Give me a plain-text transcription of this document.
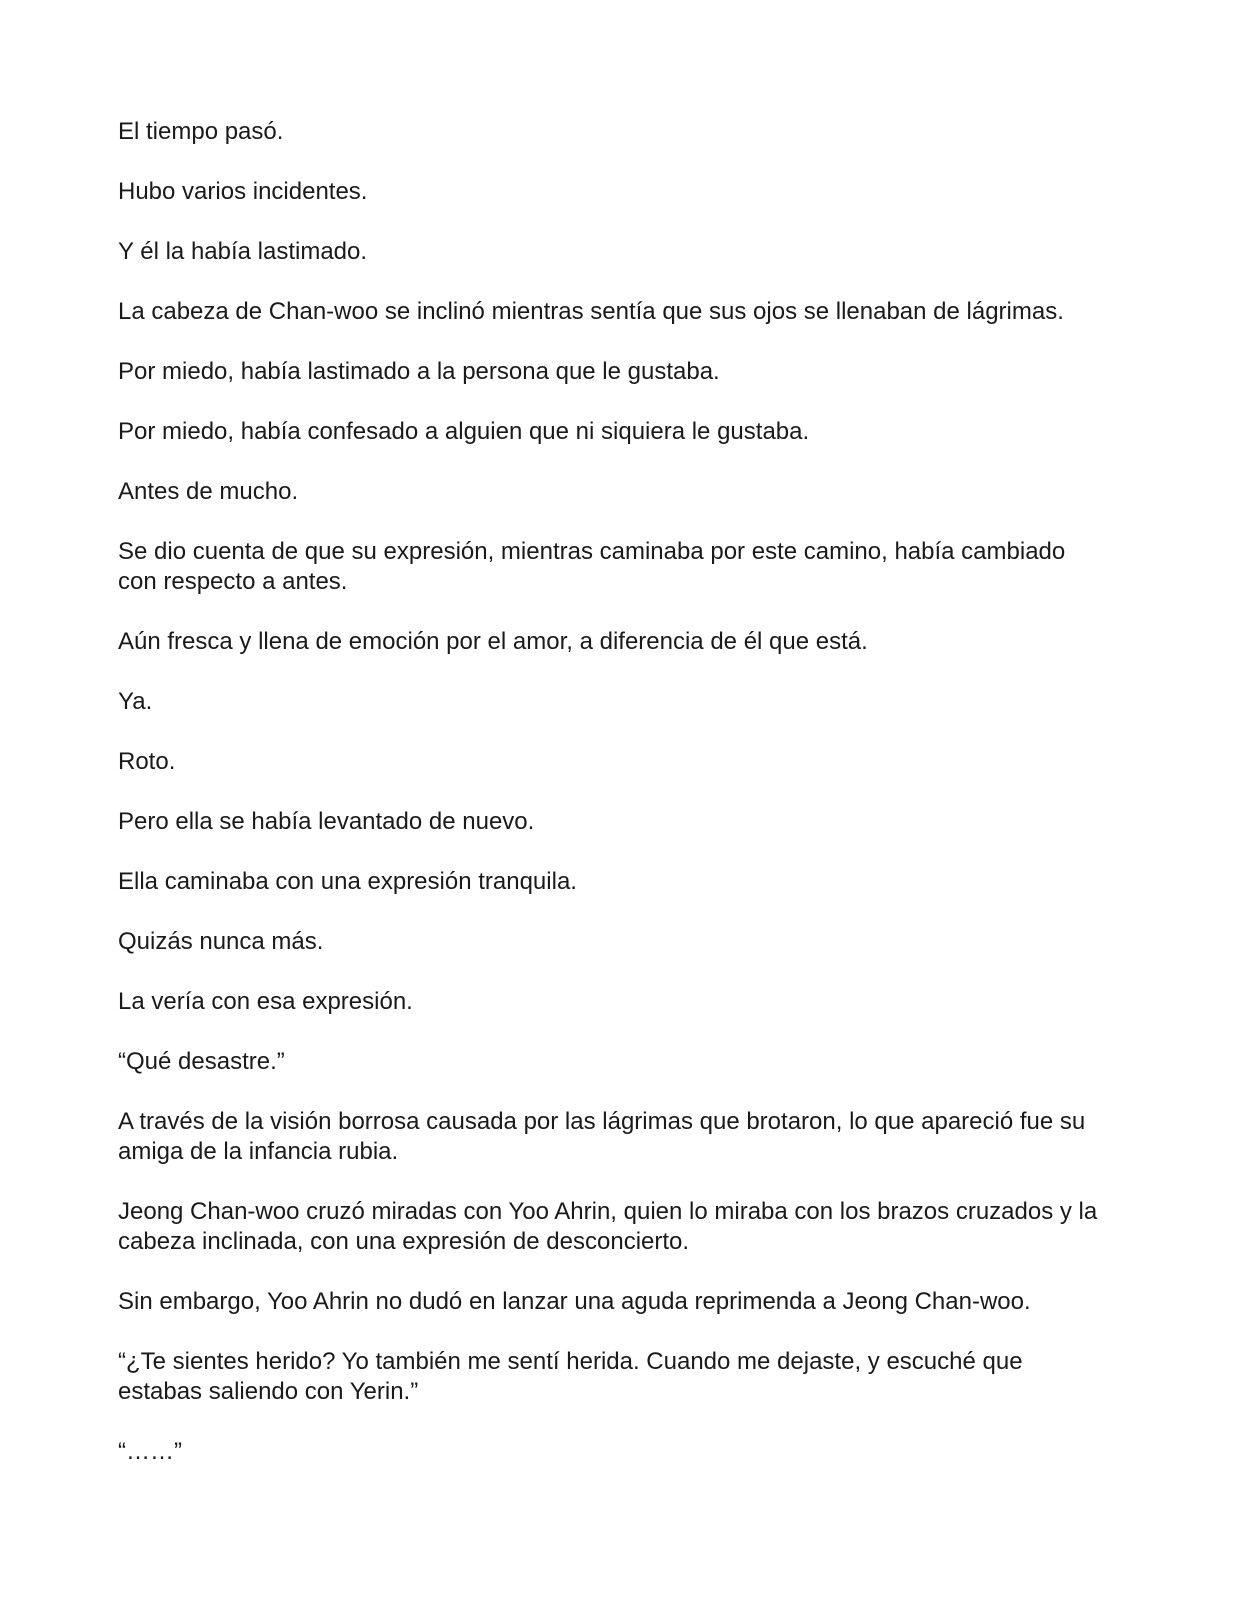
El tiempo pasó.

Hubo varios incidentes.

Y él la había lastimado.

La cabeza de Chan-woo se inclinó mientras sentía que sus ojos se llenaban de lágrimas.

Por miedo, había lastimado a la persona que le gustaba.

Por miedo, había confesado a alguien que ni siquiera le gustaba.

Antes de mucho.

Se dio cuenta de que su expresión, mientras caminaba por este camino, había cambiado con respecto a antes.

Aún fresca y llena de emoción por el amor, a diferencia de él que está.

Ya.

Roto.

Pero ella se había levantado de nuevo.

Ella caminaba con una expresión tranquila.

Quizás nunca más.

La vería con esa expresión.

“Qué desastre.”

A través de la visión borrosa causada por las lágrimas que brotaron, lo que apareció fue su amiga de la infancia rubia.

Jeong Chan-woo cruzó miradas con Yoo Ahrin, quien lo miraba con los brazos cruzados y la cabeza inclinada, con una expresión de desconcierto.

Sin embargo, Yoo Ahrin no dudó en lanzar una aguda reprimenda a Jeong Chan-woo.

“¿Te sientes herido? Yo también me sentí herida. Cuando me dejaste, y escuché que estabas saliendo con Yerin.”

“……”
